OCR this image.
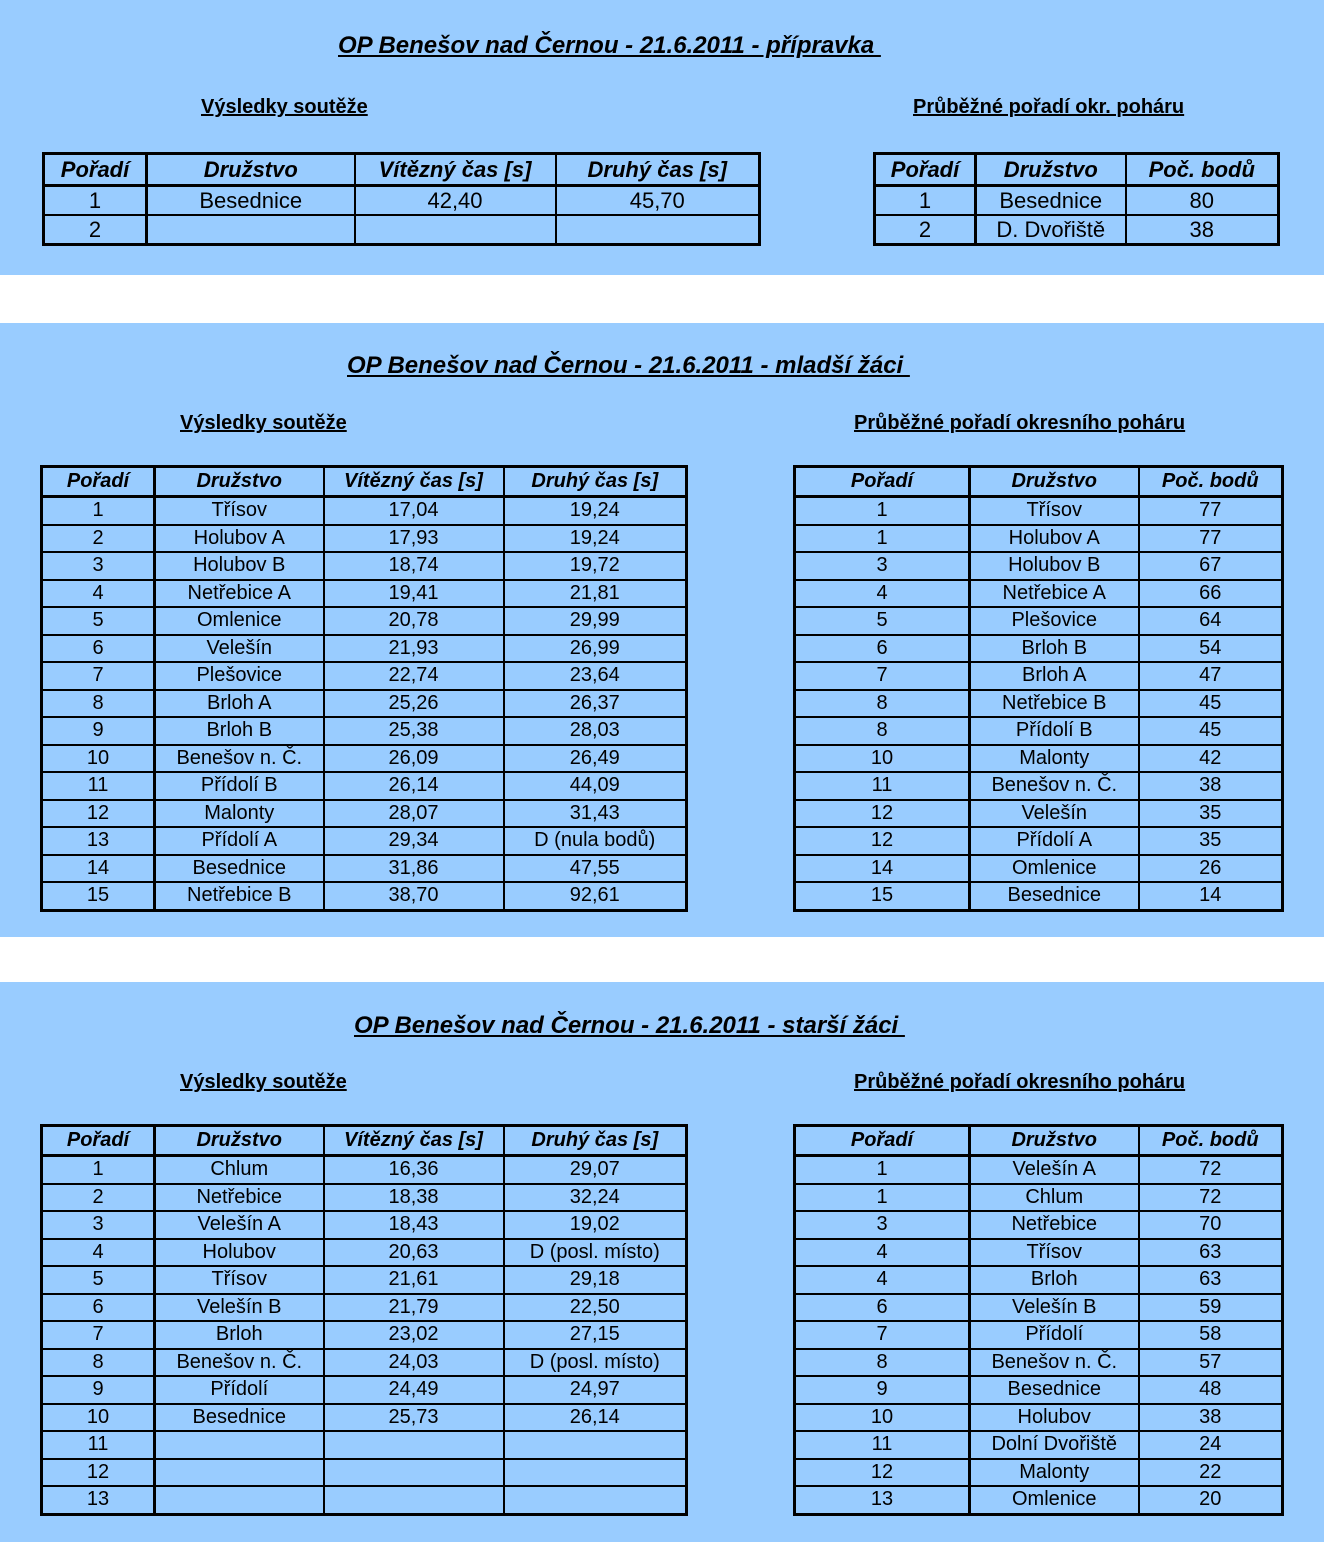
OP Benešov nad Černou - 21.6.2011 - přípravka
Výsledky soutěže	Průběžné pořadí okr. poháru
Pořadí	Družstvo	Vítězný čas [s]	Druhý čas [s]
1	Besednice	42,40	45,70
2			
Pořadí	Družstvo	Poč. bodů
1	Besednice	80
2	D. Dvořiště	38
OP Benešov nad Černou - 21.6.2011 - mladší žáci
Výsledky soutěže	Průběžné pořadí okresního poháru
Pořadí	Družstvo	Vítězný čas [s]	Druhý čas [s]
1	Třísov	17,04	19,24
2	Holubov A	17,93	19,24
3	Holubov B	18,74	19,72
4	Netřebice A	19,41	21,81
5	Omlenice	20,78	29,99
6	Velešín	21,93	26,99
7	Plešovice	22,74	23,64
8	Brloh A	25,26	26,37
9	Brloh B	25,38	28,03
10	Benešov n. Č.	26,09	26,49
11	Přídolí B	26,14	44,09
12	Malonty	28,07	31,43
13	Přídolí A	29,34	D (nula bodů)
14	Besednice	31,86	47,55
15	Netřebice B	38,70	92,61
Pořadí	Družstvo	Poč. bodů
1	Třísov	77
1	Holubov A	77
3	Holubov B	67
4	Netřebice A	66
5	Plešovice	64
6	Brloh B	54
7	Brloh A	47
8	Netřebice B	45
8	Přídolí B	45
10	Malonty	42
11	Benešov n. Č.	38
12	Velešín	35
12	Přídolí A	35
14	Omlenice	26
15	Besednice	14
OP Benešov nad Černou - 21.6.2011 - starší žáci
Výsledky soutěže	Průběžné pořadí okresního poháru
Pořadí	Družstvo	Vítězný čas [s]	Druhý čas [s]
1	Chlum	16,36	29,07
2	Netřebice	18,38	32,24
3	Velešín A	18,43	19,02
4	Holubov	20,63	D (posl. místo)
5	Třísov	21,61	29,18
6	Velešín B	21,79	22,50
7	Brloh	23,02	27,15
8	Benešov n. Č.	24,03	D (posl. místo)
9	Přídolí	24,49	24,97
10	Besednice	25,73	26,14
11			
12			
13			
Pořadí	Družstvo	Poč. bodů
1	Velešín A	72
1	Chlum	72
3	Netřebice	70
4	Třísov	63
4	Brloh	63
6	Velešín B	59
7	Přídolí	58
8	Benešov n. Č.	57
9	Besednice	48
10	Holubov	38
11	Dolní Dvořiště	24
12	Malonty	22
13	Omlenice	20
